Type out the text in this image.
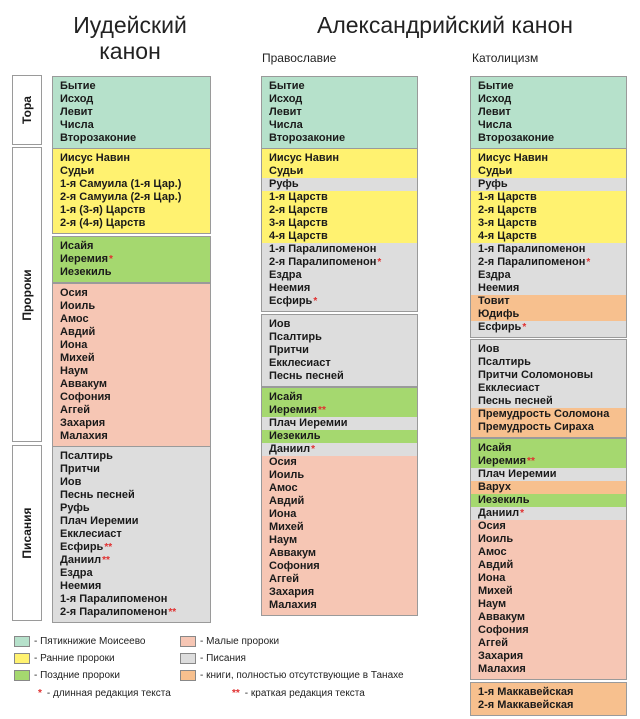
Иудейский
канон
Александрийский канон
Православие	Католицизм
Тора
Пророки
Писания
Бытие
Исход
Левит
Числа
Второзаконие
Иисус Навин
Судьи
1-я Самуила (1-я Цар.)
2-я Самуила (2-я Цар.)
1-я (3-я) Царств
2-я (4-я) Царств
Исайя
Иеремия*
Иезекиль
Осия
Иоиль
Амос
Авдий
Иона
Михей
Наум
Аввакум
Софония
Аггей
Захария
Малахия
Псалтирь
Притчи
Иов
Песнь песней
Руфь
Плач Иеремии
Екклесиаст
Есфирь**
Даниил**
Ездра
Неемия
1-я Паралипоменон
2-я Паралипоменон**
Бытие
Исход
Левит
Числа
Второзаконие
Иисус Навин
Судьи
Руфь
1-я Царств
2-я Царств
3-я Царств
4-я Царств
1-я Паралипоменон
2-я Паралипоменон*
Ездра
Неемия
Есфирь*
Иов
Псалтирь
Притчи
Екклесиаст
Песнь песней
Исайя
Иеремия**
Плач Иеремии
Иезекиль
Даниил*
Осия
Иоиль
Амос
Авдий
Иона
Михей
Наум
Аввакум
Софония
Аггей
Захария
Малахия
Бытие
Исход
Левит
Числа
Второзаконие
Иисус Навин
Судьи
Руфь
1-я Царств
2-я Царств
3-я Царств
4-я Царств
1-я Паралипоменон
2-я Паралипоменон*
Ездра
Неемия
Товит
Юдифь
Есфирь*
Иов
Псалтирь
Притчи Соломоновы
Екклесиаст
Песнь песней
Премудрость Соломона
Премудрость Сираха
Исайя
Иеремия**
Плач Иеремии
Варух
Иезекиль
Даниил*
Осия
Иоиль
Амос
Авдий
Иона
Михей
Наум
Аввакум
Софония
Аггей
Захария
Малахия
1-я Маккавейская
2-я Маккавейская
- Пятикнижие Моисеево	- Малые пророки
- Ранние пророки	- Писания
- Поздние пророки	- книги, полностью отсутствующие в Танахе
* - длинная редакция текста	** - краткая редакция текста
